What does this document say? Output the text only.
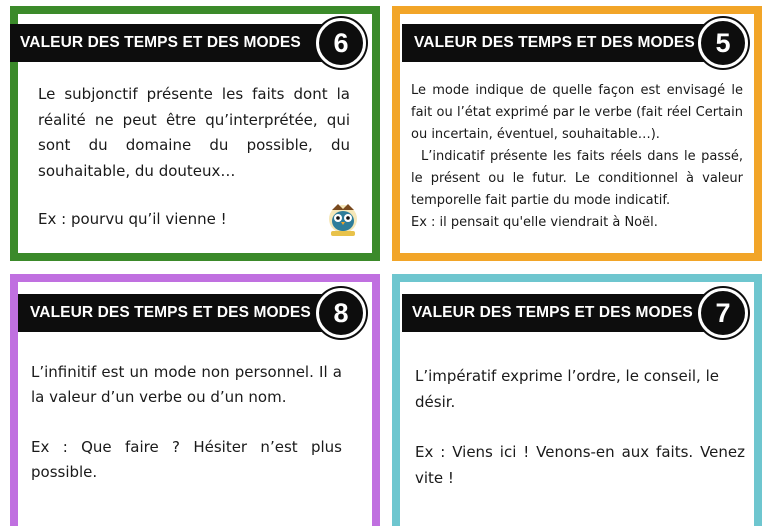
VALEUR DES TEMPS ET DES MODES 6

Le subjonctif présente les faits dont la réalité ne peut être qu’interprétée, qui sont du domaine du possible, du souhaitable, du douteux…

Ex : pourvu qu’il vienne !

VALEUR DES TEMPS ET DES MODES 5

Le mode indique de quelle façon est envisagé le fait ou l’état exprimé par le verbe (fait réel Certain ou incertain, éventuel, souhaitable…).

L’indicatif présente les faits réels dans le passé, le présent ou le futur. Le conditionnel à valeur temporelle fait partie du mode indicatif.

Ex : il pensait qu'elle viendrait à Noël.

VALEUR DES TEMPS ET DES MODES 8

L’infinitif est un mode non personnel. Il a la valeur d’un verbe ou d’un nom.

Ex : Que faire ? Hésiter n’est plus possible.

VALEUR DES TEMPS ET DES MODES 7

L’impératif exprime l’ordre, le conseil, le désir.

Ex : Viens ici ! Venons-en aux faits. Venez vite !
